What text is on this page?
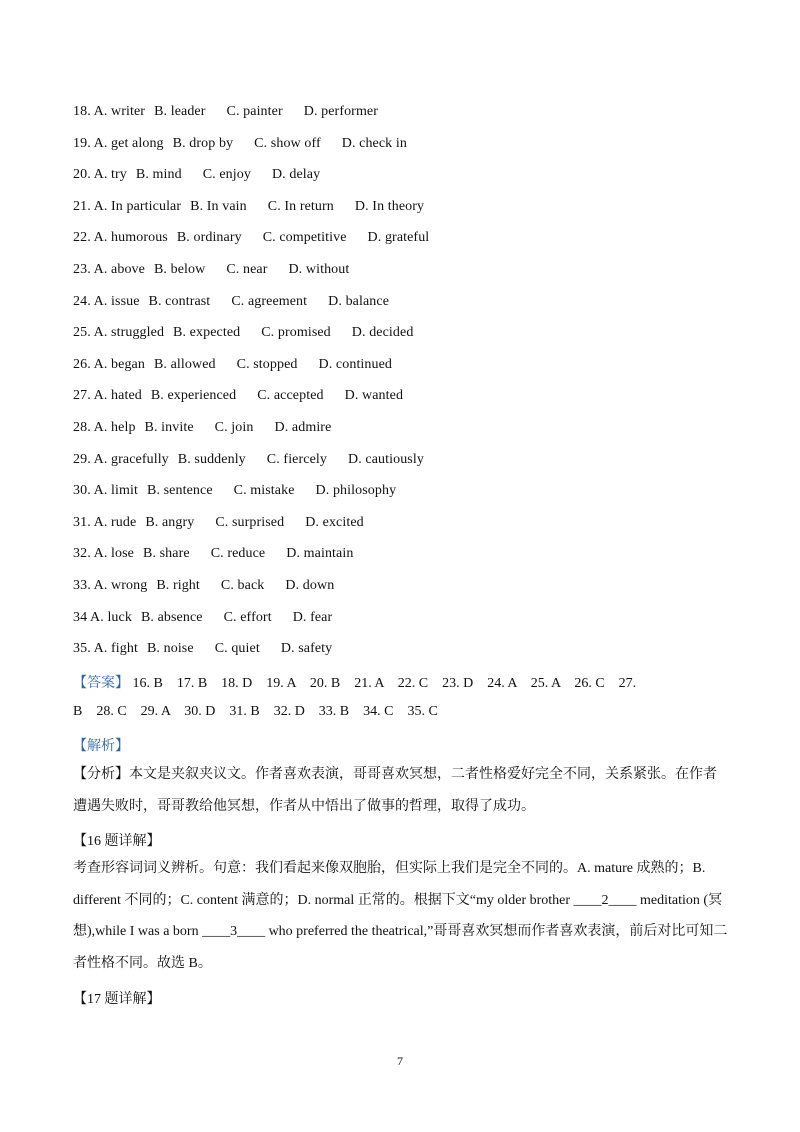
18. A. writer B. leader C. painter D. performer
19. A. get along B. drop by C. show off D. check in
20. A. try B. mind C. enjoy D. delay
21. A. In particular B. In vain C. In return D. In theory
22. A. humorous B. ordinary C. competitive D. grateful
23. A. above B. below C. near D. without
24. A. issue B. contrast C. agreement D. balance
25. A. struggled B. expected C. promised D. decided
26. A. began B. allowed C. stopped D. continued
27. A. hated B. experienced C. accepted D. wanted
28. A. help B. invite C. join D. admire
29. A. gracefully B. suddenly C. fiercely D. cautiously
30. A. limit B. sentence C. mistake D. philosophy
31. A. rude B. angry C. surprised D. excited
32. A. lose B. share C. reduce D. maintain
33. A. wrong B. right C. back D. down
34 A. luck B. absence C. effort D. fear
35. A. fight B. noise C. quiet D. safety
【答案】 16. B    17. B    18. D    19. A    20. B    21. A    22. C    23. D    24. A    25. A    26. C    27.
B    28. C    29. A    30. D    31. B    32. D    33. B    34. C    35. C
【解析】
【分析】本文是夹叙夹议文。作者喜欢表演，哥哥喜欢冥想，二者性格爱好完全不同，关系紧张。在作者遭遇失败时，哥哥教给他冥想，作者从中悟出了做事的哲理，取得了成功。
【16 题详解】
考查形容词词义辨析。句意：我们看起来像双胞胎，但实际上我们是完全不同的。A. mature 成熟的；B. different 不同的；C. content 满意的；D. normal 正常的。根据下文“my older brother ____2____ meditation (冥想),while I was a born ____3____ who preferred the theatrical,”哥哥喜欢冥想而作者喜欢表演，前后对比可知二者性格不同。故选 B。
【17 题详解】
7
